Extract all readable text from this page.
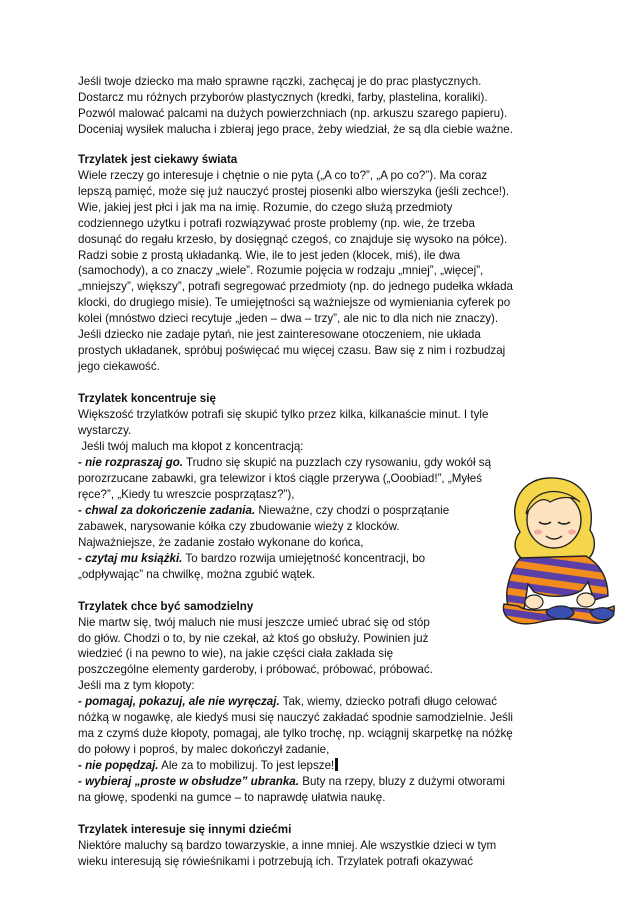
Jeśli twoje dziecko ma mało sprawne rączki, zachęcaj je do prac plastycznych.
Dostarcz mu różnych przyborów plastycznych (kredki, farby, plastelina, koraliki).
Pozwól malować palcami na dużych powierzchniach (np. arkuszu szarego papieru).
Doceniaj wysiłek malucha i zbieraj jego prace, żeby wiedział, że są dla ciebie ważne.
Trzylatek jest ciekawy świata
Wiele rzeczy go interesuje i chętnie o nie pyta („A co to?”, „A po co?”). Ma coraz
lepszą pamięć, może się już nauczyć prostej piosenki albo wierszyka (jeśli zechce!).
Wie, jakiej jest płci i jak ma na imię. Rozumie, do czego służą przedmioty
codziennego użytku i potrafi rozwiązywać proste problemy (np. wie, że trzeba
dosunąć do regału krzesło, by dosięgnąć czegoś, co znajduje się wysoko na półce).
Radzi sobie z prostą układanką. Wie, ile to jest jeden (klocek, miś), ile dwa
(samochody), a co znaczy „wiele”. Rozumie pojęcia w rodzaju „mniej”, „więcej”,
„mniejszy”, większy”, potrafi segregować przedmioty (np. do jednego pudełka wkłada
klocki, do drugiego misie). Te umiejętności są ważniejsze od wymieniania cyferek po
kolei (mnóstwo dzieci recytuje „jeden – dwa – trzy”, ale nic to dla nich nie znaczy).
Jeśli dziecko nie zadaje pytań, nie jest zainteresowane otoczeniem, nie układa
prostych układanek, spróbuj poświęcać mu więcej czasu. Baw się z nim i rozbudzaj
jego ciekawość.
Trzylatek koncentruje się
Większość trzylatków potrafi się skupić tylko przez kilka, kilkanaście minut. I tyle
wystarczy.
Jeśli twój maluch ma kłopot z koncentracją:
- nie rozpraszaj go. Trudno się skupić na puzzlach czy rysowaniu, gdy wokół są
porozrzucane zabawki, gra telewizor i ktoś ciągle przerywa („Ooobiad!”, „Myłeś
ręce?”, „Kiedy tu wreszcie posprzątasz?”),
- chwal za dokończenie zadania. Nieważne, czy chodzi o posprzątanie
zabawek, narysowanie kółka czy zbudowanie wieży z klocków.
Najważniejsze, że zadanie zostało wykonane do końca,
- czytaj mu książki. To bardzo rozwija umiejętność koncentracji, bo
„odpływając” na chwilkę, można zgubić wątek.
Trzylatek chce być samodzielny
Nie martw się, twój maluch nie musi jeszcze umieć ubrać się od stóp
do głów. Chodzi o to, by nie czekał, aż ktoś go obsłuży. Powinien już
wiedzieć (i na pewno to wie), na jakie części ciała zakłada się
poszczególne elementy garderoby, i próbować, próbować, próbować.
Jeśli ma z tym kłopoty:
- pomagaj, pokazuj, ale nie wyręczaj. Tak, wiemy, dziecko potrafi długo celować
nóżką w nogawkę, ale kiedyś musi się nauczyć zakładać spodnie samodzielnie. Jeśli
ma z czymś duże kłopoty, pomagaj, ale tylko trochę, np. wciągnij skarpetkę na nóżkę
do połowy i poproś, by malec dokończył zadanie,
- nie popędzaj. Ale za to mobilizuj. To jest lepsze!
- wybieraj „proste w obsłudze” ubranka. Buty na rzepy, bluzy z dużymi otworami
na głowę, spodenki na gumce – to naprawdę ułatwia naukę.
Trzylatek interesuje się innymi dziećmi
Niektóre maluchy są bardzo towarzyskie, a inne mniej. Ale wszystkie dzieci w tym
wieku interesują się rówieśnikami i potrzebują ich. Trzylatek potrafi okazywać
